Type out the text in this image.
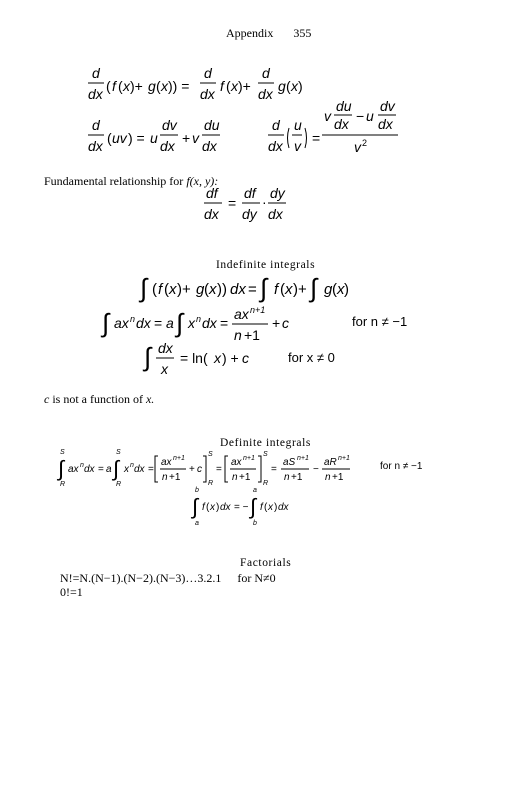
Appendix 355
d
dx ( f ( x )+ g ( x )) =
d
dx f ( x )+
d
dx g ( x )
d
dx ( uv ) = u
dv
dx + v
du
dx
d
dx
u
v =
v
du
dx − u
dv
dx
v 2
Fundamental relationship for f(x, y):
df
dx
=
df
dy
·
dy
dx
Indefinite integrals
∫ ( f ( x )+ g ( x )) dx = ∫ f ( x )+ ∫ g ( x )
∫ ax n dx = a ∫ x n dx =
ax n+1
n +1
+ c	for n ≠ −1
∫ dx
x
= ln( x ) + c	for x ≠ 0
c is not a function of x.
Definite integrals
S
∫
R
ax n dx = a
S
∫
R
x n dx =
ax n+1
n +1
+ c
S
R
=
ax n+1
n +1
S
R
=
aS n+1
n +1
−
aR n+1
n +1
for n ≠ −1
b
∫
a
f ( x ) dx = −
a
∫
b
f ( x ) dx
Factorials
N!=N.(N−1).(N−2).(N−3)…3.2.1 for N≠0
0!=1
